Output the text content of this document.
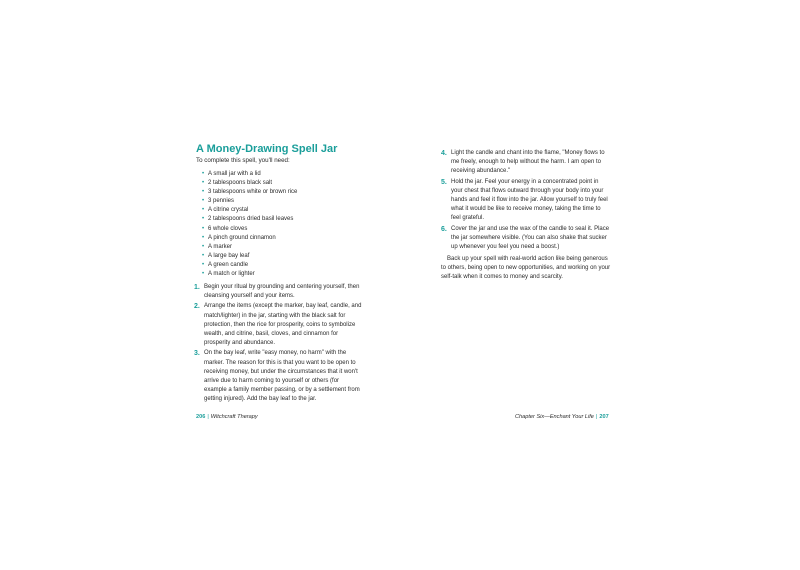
A Money-Drawing Spell Jar

To complete this spell, you'll need:

• A small jar with a lid
• 2 tablespoons black salt
• 3 tablespoons white or brown rice
• 3 pennies
• A citrine crystal
• 2 tablespoons dried basil leaves
• 6 whole cloves
• A pinch ground cinnamon
• A marker
• A large bay leaf
• A green candle
• A match or lighter
1. Begin your ritual by grounding and centering yourself, then cleansing yourself and your items.
2. Arrange the items (except the marker, bay leaf, candle, and match/lighter) in the jar, starting with the black salt for protection, then the rice for prosperity, coins to symbolize wealth, and citrine, basil, cloves, and cinnamon for prosperity and abundance.
3. On the bay leaf, write "easy money, no harm" with the marker. The reason for this is that you want to be open to receiving money, but under the circumstances that it won't arrive due to harm coming to yourself or others (for example a family member passing, or by a settlement from getting injured). Add the bay leaf to the jar.
206 | Witchcraft Therapy
4. Light the candle and chant into the flame, "Money flows to me freely, enough to help without the harm. I am open to receiving abundance."
5. Hold the jar. Feel your energy in a concentrated point in your chest that flows outward through your body into your hands and feel it flow into the jar. Allow yourself to truly feel what it would be like to receive money, taking the time to feel grateful.
6. Cover the jar and use the wax of the candle to seal it. Place the jar somewhere visible. (You can also shake that sucker up whenever you feel you need a boost.)

Back up your spell with real-world action like being generous to others, being open to new opportunities, and working on your self-talk when it comes to money and scarcity.

Chapter Six—Enchant Your Life | 207
